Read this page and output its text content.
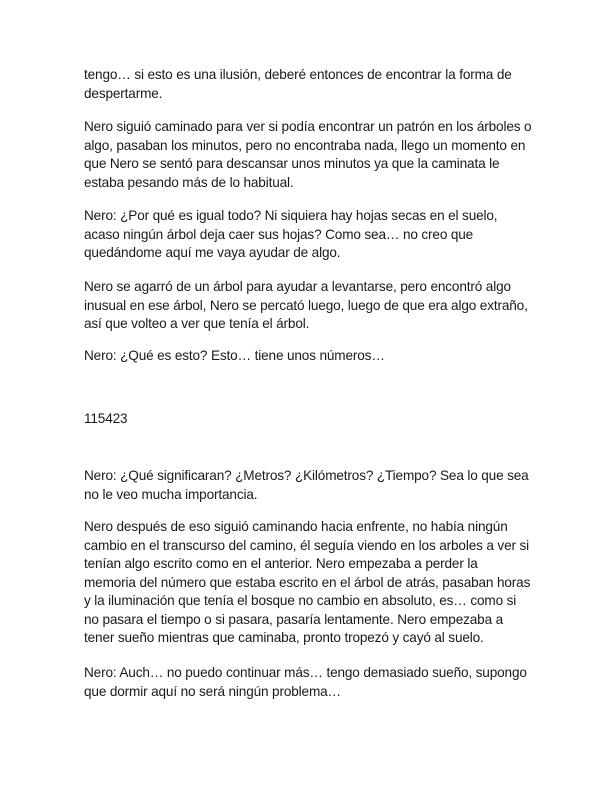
tengo… si esto es una ilusión, deberé entonces de encontrar la forma de despertarme.

Nero siguió caminado para ver si podía encontrar un patrón en los árboles o algo, pasaban los minutos, pero no encontraba nada, llego un momento en que Nero se sentó para descansar unos minutos ya que la caminata le estaba pesando más de lo habitual.

Nero: ¿Por qué es igual todo? Ni siquiera hay hojas secas en el suelo, acaso ningún árbol deja caer sus hojas? Como sea… no creo que quedándome aquí me vaya ayudar de algo.

Nero se agarró de un árbol para ayudar a levantarse, pero encontró algo inusual en ese árbol, Nero se percató luego, luego de que era algo extraño, así que volteo a ver que tenía el árbol.

Nero: ¿Qué es esto? Esto… tiene unos números…

115423

Nero: ¿Qué significaran? ¿Metros? ¿Kilómetros? ¿Tiempo? Sea lo que sea no le veo mucha importancia.

Nero después de eso siguió caminando hacia enfrente, no había ningún cambio en el transcurso del camino, él seguía viendo en los arboles a ver si tenían algo escrito como en el anterior. Nero empezaba a perder la memoria del número que estaba escrito en el árbol de atrás, pasaban horas y la iluminación que tenía el bosque no cambio en absoluto, es… como si no pasara el tiempo o si pasara, pasaría lentamente. Nero empezaba a tener sueño mientras que caminaba, pronto tropezó y cayó al suelo.

Nero: Auch… no puedo continuar más… tengo demasiado sueño, supongo que dormir aquí no será ningún problema…
